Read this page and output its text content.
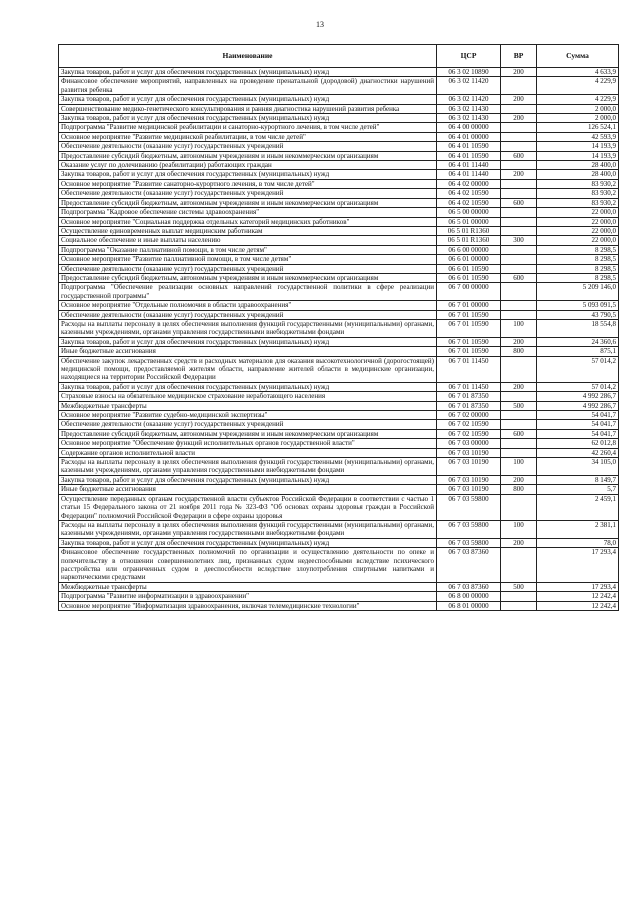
13
Наименование	ЦСР	ВР	Сумма
Закупка товаров, работ и услуг для обеспечения государственных (муниципальных) нужд	06 3 02 10890	200	4 633,9
Финансовое обеспечение мероприятий, направленных на проведение пренатальной (дородовой) диагностики нарушений развития ребенка	06 3 02 11420		4 229,9
Закупка товаров, работ и услуг для обеспечения государственных (муниципальных) нужд	06 3 02 11420	200	4 229,9
Совершенствование медико-генетического консультирования и ранняя диагностика нарушений развития ребенка	06 3 02 11430		2 000,0
Закупка товаров, работ и услуг для обеспечения государственных (муниципальных) нужд	06 3 02 11430	200	2 000,0
Подпрограмма "Развитие медицинской реабилитации и санаторно-курортного лечения, в том числе детей"	06 4 00 00000		126 524,1
Основное мероприятие "Развитие медицинской реабилитации, в том числе детей"	06 4 01 00000		42 593,9
Обеспечение деятельности (оказание услуг) государственных учреждений	06 4 01 10590		14 193,9
Предоставление субсидий бюджетным, автономным учреждениям и иным некоммерческим организациям	06 4 01 10590	600	14 193,9
Оказание услуг по долечиванию (реабилитации) работающих граждан	06 4 01 11440		28 400,0
Закупка товаров, работ и услуг для обеспечения государственных (муниципальных) нужд	06 4 01 11440	200	28 400,0
Основное мероприятие "Развитие санаторно-курортного лечения, в том числе детей"	06 4 02 00000		83 930,2
Обеспечение деятельности (оказание услуг) государственных учреждений	06 4 02 10590		83 930,2
Предоставление субсидий бюджетным, автономным учреждениям и иным некоммерческим организациям	06 4 02 10590	600	83 930,2
Подпрограмма "Кадровое обеспечение системы здравоохранения"	06 5 00 00000		22 000,0
Основное мероприятие "Социальная поддержка отдельных категорий медицинских работников"	06 5 01 00000		22 000,0
Осуществление единовременных выплат медицинским работникам	06 5 01 R1360		22 000,0
Социальное обеспечение и иные выплаты населению	06 5 01 R1360	300	22 000,0
Подпрограмма "Оказание паллиативной помощи, в том числе детям"	06 6 00 00000		8 298,5
Основное мероприятие "Развитие паллиативной помощи, в том числе детям"	06 6 01 00000		8 298,5
Обеспечение деятельности (оказание услуг) государственных учреждений	06 6 01 10590		8 298,5
Предоставление субсидий бюджетным, автономным учреждениям и иным некоммерческим организациям	06 6 01 10590	600	8 298,5
Подпрограмма "Обеспечение реализации основных направлений государственной политики в сфере реализации государственной программы"	06 7 00 00000		5 209 146,0
Основное мероприятие "Отдельные полномочия в области здравоохранения"	06 7 01 00000		5 093 091,5
Обеспечение деятельности (оказание услуг) государственных учреждений	06 7 01 10590		43 790,5
Расходы на выплаты персоналу в целях обеспечения выполнения функций государственными (муниципальными) органами, казенными учреждениями, органами управления государственными внебюджетными фондами	06 7 01 10590	100	18 554,8
Закупка товаров, работ и услуг для обеспечения государственных (муниципальных) нужд	06 7 01 10590	200	24 360,6
Иные бюджетные ассигнования	06 7 01 10590	800	875,1
Обеспечение закупок лекарственных средств и расходных материалов для оказания высокотехнологичной (дорогостоящей) медицинской помощи, предоставляемой жителям области, направление жителей области в медицинские организации, находящиеся на территории Российской Федерации	06 7 01 11450		57 014,2
Закупка товаров, работ и услуг для обеспечения государственных (муниципальных) нужд	06 7 01 11450	200	57 014,2
Страховые взносы на обязательное медицинское страхование неработающего населения	06 7 01 87350		4 992 286,7
Межбюджетные трансферты	06 7 01 87350	500	4 992 286,7
Основное мероприятие "Развитие судебно-медицинской экспертизы"	06 7 02 00000		54 041,7
Обеспечение деятельности (оказание услуг) государственных учреждений	06 7 02 10590		54 041,7
Предоставление субсидий бюджетным, автономным учреждениям и иным некоммерческим организациям	06 7 02 10590	600	54 041,7
Основное мероприятие "Обеспечение функций исполнительных органов государственной власти"	06 7 03 00000		62 012,8
Содержание органов исполнительной власти	06 7 03 10190		42 260,4
Расходы на выплаты персоналу в целях обеспечения выполнения функций государственными (муниципальными) органами, казенными учреждениями, органами управления государственными внебюджетными фондами	06 7 03 10190	100	34 105,0
Закупка товаров, работ и услуг для обеспечения государственных (муниципальных) нужд	06 7 03 10190	200	8 149,7
Иные бюджетные ассигнования	06 7 03 10190	800	5,7
Осуществление переданных органам государственной власти субъектов Российской Федерации в соответствии с частью 1 статьи 15 Федерального закона от 21 ноября 2011 года № 323-ФЗ "Об основах охраны здоровья граждан в Российской Федерации" полномочий Российской Федерации в сфере охраны здоровья	06 7 03 59800		2 459,1
Расходы на выплаты персоналу в целях обеспечения выполнения функций государственными (муниципальными) органами, казенными учреждениями, органами управления государственными внебюджетными фондами	06 7 03 59800	100	2 381,1
Закупка товаров, работ и услуг для обеспечения государственных (муниципальных) нужд	06 7 03 59800	200	78,0
Финансовое обеспечение государственных полномочий по организации и осуществлению деятельности по опеке и попечительству в отношении совершеннолетних лиц, признанных судом недееспособными вследствие психического расстройства или ограниченных судом в дееспособности вследствие злоупотребления спиртными напитками и наркотическими средствами	06 7 03 87360		17 293,4
Межбюджетные трансферты	06 7 03 87360	500	17 293,4
Подпрограмма "Развитие информатизации в здравоохранении"	06 8 00 00000		12 242,4
Основное мероприятие "Информатизация здравоохранения, включая телемедицинские технологии"	06 8 01 00000		12 242,4
